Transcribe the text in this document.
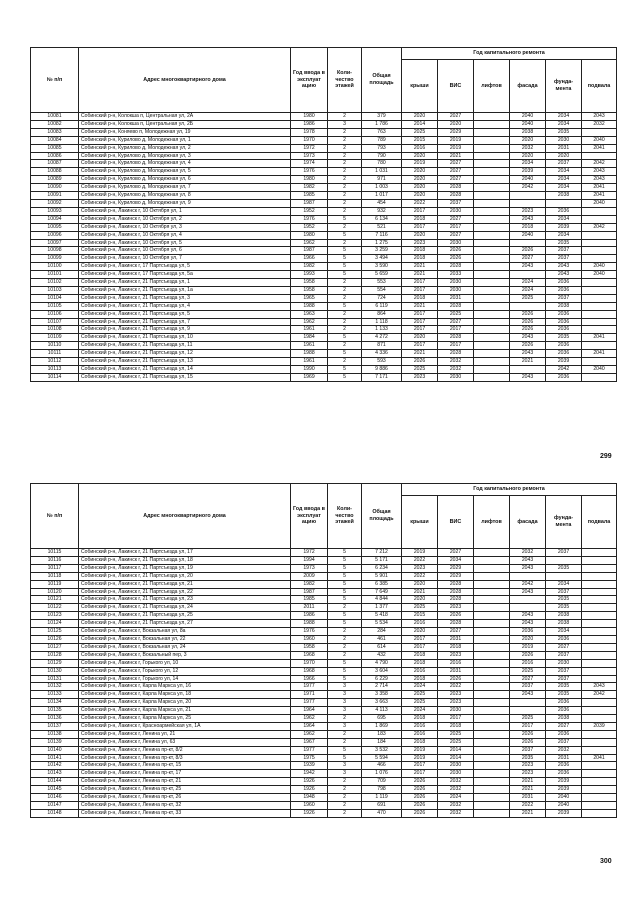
№ п/п	Адрес многоквартирного дома	Год ввода в эксплуат ацию	Коли-чество этажей	Общая площадь	Год капитального ремонта					
					крыши	ВИС	лифтов	фасада	фунда-мента	подвала
10081	Собинский р-н, Колокша п, Центральная ул, 2А	1980	2	379	2020	2027		2040	2034	2043
10082	Собинский р-н, Колокша п, Центральная ул, 2Б	1986	3	1 786	2014	2020		2040	2034	2032
10083	Собинский р-н, Коняево п, Молодежная ул, 19	1978	2	763	2025	2029		2038	2035	
10084	Собинский р-н, Куриловo д, Молодежная ул, 1	1970	2	789	2015	2019		2020	2030	2040
10085	Собинский р-н, Куриловo д, Молодежная ул, 2	1972	2	793	2016	2019		2032	2031	2041
10086	Собинский р-н, Куриловo д, Молодежная ул, 3	1973	2	790	2020	2021		2020	2020	
10087	Собинский р-н, Куриловo д, Молодежная ул, 4	1974	2	780	2019	2027		2034	2037	2042
10088	Собинский р-н, Куриловo д, Молодежная ул, 5	1976	2	1 031	2020	2027		2039	2034	2043
10089	Собинский р-н, Куриловo д, Молодежная ул, 6	1980	2	971	2020	2027		2040	2034	2043
10090	Собинский р-н, Куриловo д, Молодежная ул, 7	1982	2	1 003	2020	2028		2042	2034	2041
10091	Собинский р-н, Куриловo д, Молодежная ул, 8	1985	2	1 017	2020	2028			2038	2041
10092	Собинский р-н, Куриловo д, Молодежная ул, 9	1987	2	454	2022	2037				2040
10093	Собинский р-н, Лакинск г, 10 Октября ул, 1	1952	2	932	2017	2030		2023	2036	
10094	Собинский р-н, Лакинск г, 10 Октября ул, 2	1976	5	6 134	2018	2027		2043	2034	
10095	Собинский р-н, Лакинск г, 10 Октября ул, 3	1952	2	521	2017	2017		2018	2039	2042
10096	Собинский р-н, Лакинск г, 10 Октября ул, 4	1980	5	7 116	2020	2027		2040	2034	
10097	Собинский р-н, Лакинск г, 10 Октября ул, 5	1962	2	1 275	2023	2030			2035	
10098	Собинский р-н, Лакинск г, 10 Октября ул, 6	1987	5	3 259	2018	2026		2026	2037	
10099	Собинский р-н, Лакинск г, 10 Октября ул, 7	1966	5	3 494	2018	2026		2027	2037	
10100	Собинский р-н, Лакинск г, 17 Партсъезда ул, 5	1982	5	3 590	2021	2028		2043	2043	2040
10101	Собинский р-н, Лакинск г, 17 Партсъезда ул, 5а	1993	5	5 659	2021	2033			2043	2040
10102	Собинский р-н, Лакинск г, 21 Партсъезда ул, 1	1958	2	553	2017	2030		2024	2036	
10103	Собинский р-н, Лакинск г, 21 Партсъезда ул, 1а	1958	2	554	2017	2030		2024	2036	
10104	Собинский р-н, Лакинск г, 21 Партсъезда ул, 3	1965	2	724	2018	2031		2025	2037	
10105	Собинский р-н, Лакинск г, 21 Партсъезда ул, 4	1988	5	6 119	2021	2028			2038	
10106	Собинский р-н, Лакинск г, 21 Партсъезда ул, 5	1963	2	864	2017	2025		2026	2036	
10107	Собинский р-н, Лакинск г, 21 Партсъезда ул, 7	1962	2	1 118	2017	2027		2026	2036	
10108	Собинский р-н, Лакинск г, 21 Партсъезда ул, 9	1961	2	1 133	2017	2017		2026	2036	
10109	Собинский р-н, Лакинск г, 21 Партсъезда ул, 10	1984	5	4 272	2020	2028		2043	2035	2041
10110	Собинский р-н, Лакинск г, 21 Партсъезда ул, 11	1961	2	871	2017	2017		2026	2036	
10111	Собинский р-н, Лакинск г, 21 Партсъезда ул, 12	1988	5	4 336	2021	2028		2043	2036	2041
10112	Собинский р-н, Лакинск г, 21 Партсъезда ул, 13	1961	2	593	2026	2032		2021	2039	
10113	Собинский р-н, Лакинск г, 21 Партсъезда ул, 14	1990	5	9 886	2025	2032			2042	2040
10114	Собинский р-н, Лакинск г, 21 Партсъезда ул, 15	1969	5	7 171	2023	2030		2043	2036	
299
№ п/п	Адрес многоквартирного дома	Год ввода в эксплуат ацию	Коли-чество этажей	Общая площадь	Год капитального ремонта					
					крыши	ВИС	лифтов	фасада	фунда-мента	подвала
10115	Собинский р-н, Лакинск г, 21 Партсъезда ул, 17	1972	5	7 212	2019	2027		2032	2037	
10116	Собинский р-н, Лакинск г, 21 Партсъезда ул, 18	1994	5	5 171	2022	2034		2043		
10117	Собинский р-н, Лакинск г, 21 Партсъезда ул, 19	1973	5	6 234	2023	2029		2043	2035	
10118	Собинский р-н, Лакинск г, 21 Партсъезда ул, 20	2009	5	5 901	2022	2029				
10119	Собинский р-н, Лакинск г, 21 Партсъезда ул, 21	1982	5	6 385	2020	2028		2042	2034	
10120	Собинский р-н, Лакинск г, 21 Партсъезда ул, 22	1987	5	7 649	2021	2028		2043	2037	
10121	Собинский р-н, Лакинск г, 21 Партсъезда ул, 23	1985	5	4 844	2020	2028			2035	
10122	Собинский р-н, Лакинск г, 21 Партсъезда ул, 24	2011	2	1 377	2025	2023			2035	
10123	Собинский р-н, Лакинск г, 21 Партсъезда ул, 25	1986	5	5 418	2015	2026		2043	2038	
10124	Собинский р-н, Лакинск г, 21 Партсъезда ул, 27	1988	5	5 534	2016	2028		2043	2038	
10125	Собинский р-н, Лакинск г, Вокзальная ул, 8а	1976	2	284	2020	2027		2036	2034	
10126	Собинский р-н, Лакинск г, Вокзальная ул, 22	1960	2	461	2017	2031		2020	2036	
10127	Собинский р-н, Лакинск г, Вокзальная ул, 24	1958	2	614	2017	2018		2019	2027	
10128	Собинский р-н, Лакинск г, Вокзальный пер, 3	1968	2	432	2018	2023		2026	2037	
10129	Собинский р-н, Лакинск г, Горького ул, 10	1970	5	4 790	2018	2016		2016	2030	
10130	Собинский р-н, Лакинск г, Горького ул, 12	1968	5	3 604	2016	2031		2025	2037	
10131	Собинский р-н, Лакинск г, Горького ул, 14	1966	5	6 229	2018	2026		2027	2037	
10132	Собинский р-н, Лакинск г, Карла Маркса ул, 16	1977	3	2 714	2024	2022		2037	2035	2043
10133	Собинский р-н, Лакинск г, Карла Маркса ул, 18	1971	3	3 358	2025	2023		2043	2035	2042
10134	Собинский р-н, Лакинск г, Карла Маркса ул, 20	1977	3	3 663	2025	2023			2036	
10135	Собинский р-н, Лакинск г, Карла Маркса ул, 21	1964	3	4 113	2024	2030			2036	
10136	Собинский р-н, Лакинск г, Карла Маркса ул, 25	1962	2	695	2018	2017		2025	2038	
10137	Собинский р-н, Лакинск г, Красноармейская ул, 1А	1964	3	1 869	2016	2018		2017	2027	2039
10138	Собинский р-н, Лакинск г, Ленина ул, 21	1962	2	183	2016	2025		2026	2036	
10139	Собинский р-н, Лакинск г, Ленина ул, 63	1967	2	184	2018	2025		2026	2037	
10140	Собинский р-н, Лакинск г, Ленина пр-кт, 8/2	1977	5	3 532	2019	2014		2037	2032	
10141	Собинский р-н, Лакинск г, Ленина пр-кт, 8/3	1975	5	5 594	2019	2014		2035	2031	2041
10142	Собинский р-н, Лакинск г, Ленина пр-кт, 15	1939	3	466	2017	2030		2023	2036	
10143	Собинский р-н, Лакинск г, Ленина пр-кт, 17	1942	3	1 076	2017	2030		2023	2036	
10144	Собинский р-н, Лакинск г, Ленина пр-кт, 21	1926	2	709	2026	2032		2021	2039	
10145	Собинский р-н, Лакинск г, Ленина пр-кт, 25	1926	2	798	2026	2032		2021	2039	
10146	Собинский р-н, Лакинск г, Ленина пр-кт, 26	1948	2	1 119	2026	2024		2031	2040	
10147	Собинский р-н, Лакинск г, Ленина пр-кт, 32	1960	2	691	2026	2032		2022	2040	
10148	Собинский р-н, Лакинск г, Ленина пр-кт, 33	1926	2	470	2026	2032		2021	2039	
300
